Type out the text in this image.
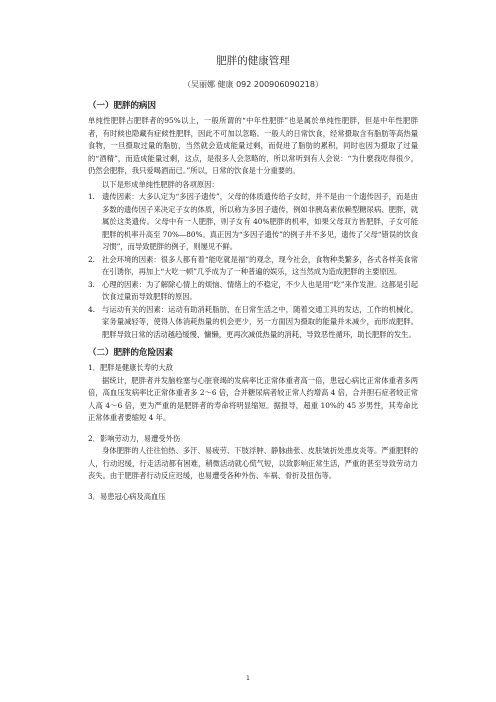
肥胖的健康管理
（吴丽娜 健康 092 200906090218）
（一）肥胖的病因

单纯性肥胖占肥胖者的95%以上，一般所谓的“中年性肥胖”也是属於单纯性肥胖，但是中年性肥胖者，有时候也隐藏有症候性肥胖，因此不可加以忽略。一般人的日常饮食，经常摄取含有脂肪等高热量食物，一旦摄取过量的脂肪，当然就会造成能量过剩，而促进了脂肪的累积，同时也因为摄取了过量的“酒精”，而造成能量过剩，这点，是很多人会忽略的，所以常听到有人会说：“为什麽我吃得很少，仍然会肥胖，我只爱喝酒而已。”所以，日常的饮食是十分重要的。

以下是形成单纯性肥胖的各项原因：

1. 遗传因素：大多认定为“多因子遗传”，父母的体质遗传给子女时，并不是由一个遗传因子，而是由多数的遗传因子来决定子女的体质，所以称为多因子遗传，例如非胰岛素依赖型糖尿病、肥胖，就属於这类遗传。父母中有一人肥胖，则子女有 40%肥胖的机率，如果父母双方皆肥胖，子女可能肥胖的机率升高至 70%—80%。真正因为“多因子遗传”的例子并不多见，遗传了父母“错误的饮食习惯”，而导致肥胖的例子，则屡见不鲜。
2. 社会环境的因素：很多人都有着“能吃就是福”的观念，现今社会，食物种类繁多，各式各样美食常在引诱你，再加上“大吃一顿”几乎成为了一种普遍的娱乐，这当然成为造成肥胖的主要原因。
3. 心理的因素：为了解除心情上的烦恼、情绪上的不稳定，不少人也是用“吃”来作发泄。这都是引起饮食过量而导致肥胖的原因。
4. 与运动有关的因素：运动有助消耗脂肪，在日常生活之中，随着交通工具的发达，工作的机械化，家务量减轻等，使得人体消耗热量的机会更少，另一方面因为摄取的能量并未减少，而形成肥胖。肥胖导致日常的活动越趋缓慢、慵懒，更再次减低热量的消耗，导致恶性循环，助长肥胖的发生。
（二）肥胖的危险因素
1．肥胖是健康长寿的大敌

据统计，肥胖者并发脑栓塞与心脏衰竭的发病率比正常体重者高一倍，患冠心病比正常体重者多两倍，高血压发病率比正常体重者多 2～6 倍，合并糖尿病者较正常人约增高 4 倍，合并胆石症者较正常人高 4～6 倍，更为严重的是肥胖者的寿命将明显缩短。据报导，超重 10%的 45 岁男性，其寿命比正常体重者要缩短 4 年。

2．影响劳动力，易遭受外伤

身体肥胖的人往往怕热、多汗、易疲劳、下肢浮肿、静脉曲张、皮肤皱折处患皮炎等。严重肥胖的人，行动迟缓，行走活动都有困难，稍微活动就心慌气短，以致影响正常生活，严重的甚至导致劳动力丧失。由于肥胖者行动反应迟缓，也易遭受各种外伤、车祸、骨折及扭伤等。

3．易患冠心病及高血压
1
